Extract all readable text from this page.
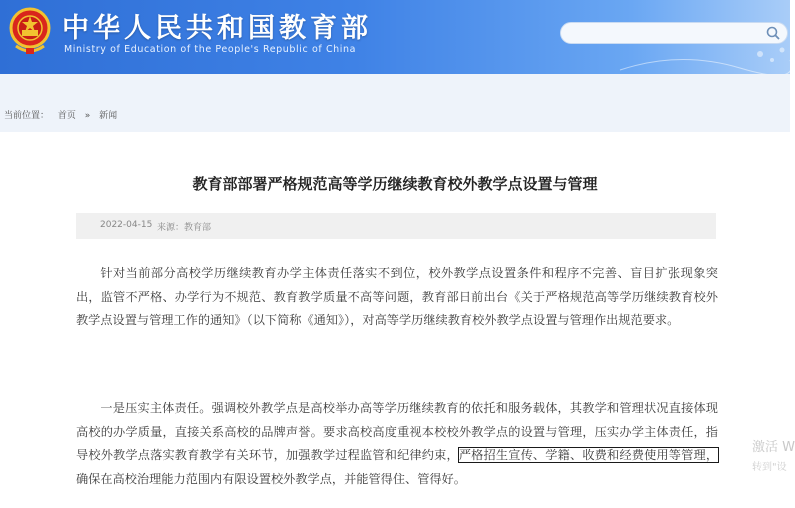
中华人民共和国教育部
Ministry of Education of the People's Republic of China
当前位置： 首页 » 新闻
教育部部署严格规范高等学历继续教育校外教学点设置与管理
2022-04-15 来源：教育部

针对当前部分高校学历继续教育办学主体责任落实不到位，校外教学点设置条件和程序不完善、盲目扩张现象突出，监管不严格、办学行为不规范、教育教学质量不高等问题，教育部日前出台《关于严格规范高等学历继续教育校外教学点设置与管理工作的通知》（以下简称《通知》），对高等学历继续教育校外教学点设置与管理作出规范要求。

一是压实主体责任。强调校外教学点是高校举办高等学历继续教育的依托和服务载体，其教学和管理状况直接体现高校的办学质量，直接关系高校的品牌声誉。要求高校高度重视本校校外教学点的设置与管理，压实办学主体责任，指导校外教学点落实教育教学有关环节，加强教学过程监管和纪律约束，严格招生宣传、学籍、收费和经费使用等管理，确保在高校治理能力范围内有限设置校外教学点，并能管得住、管得好。

激活 W
转到"设
